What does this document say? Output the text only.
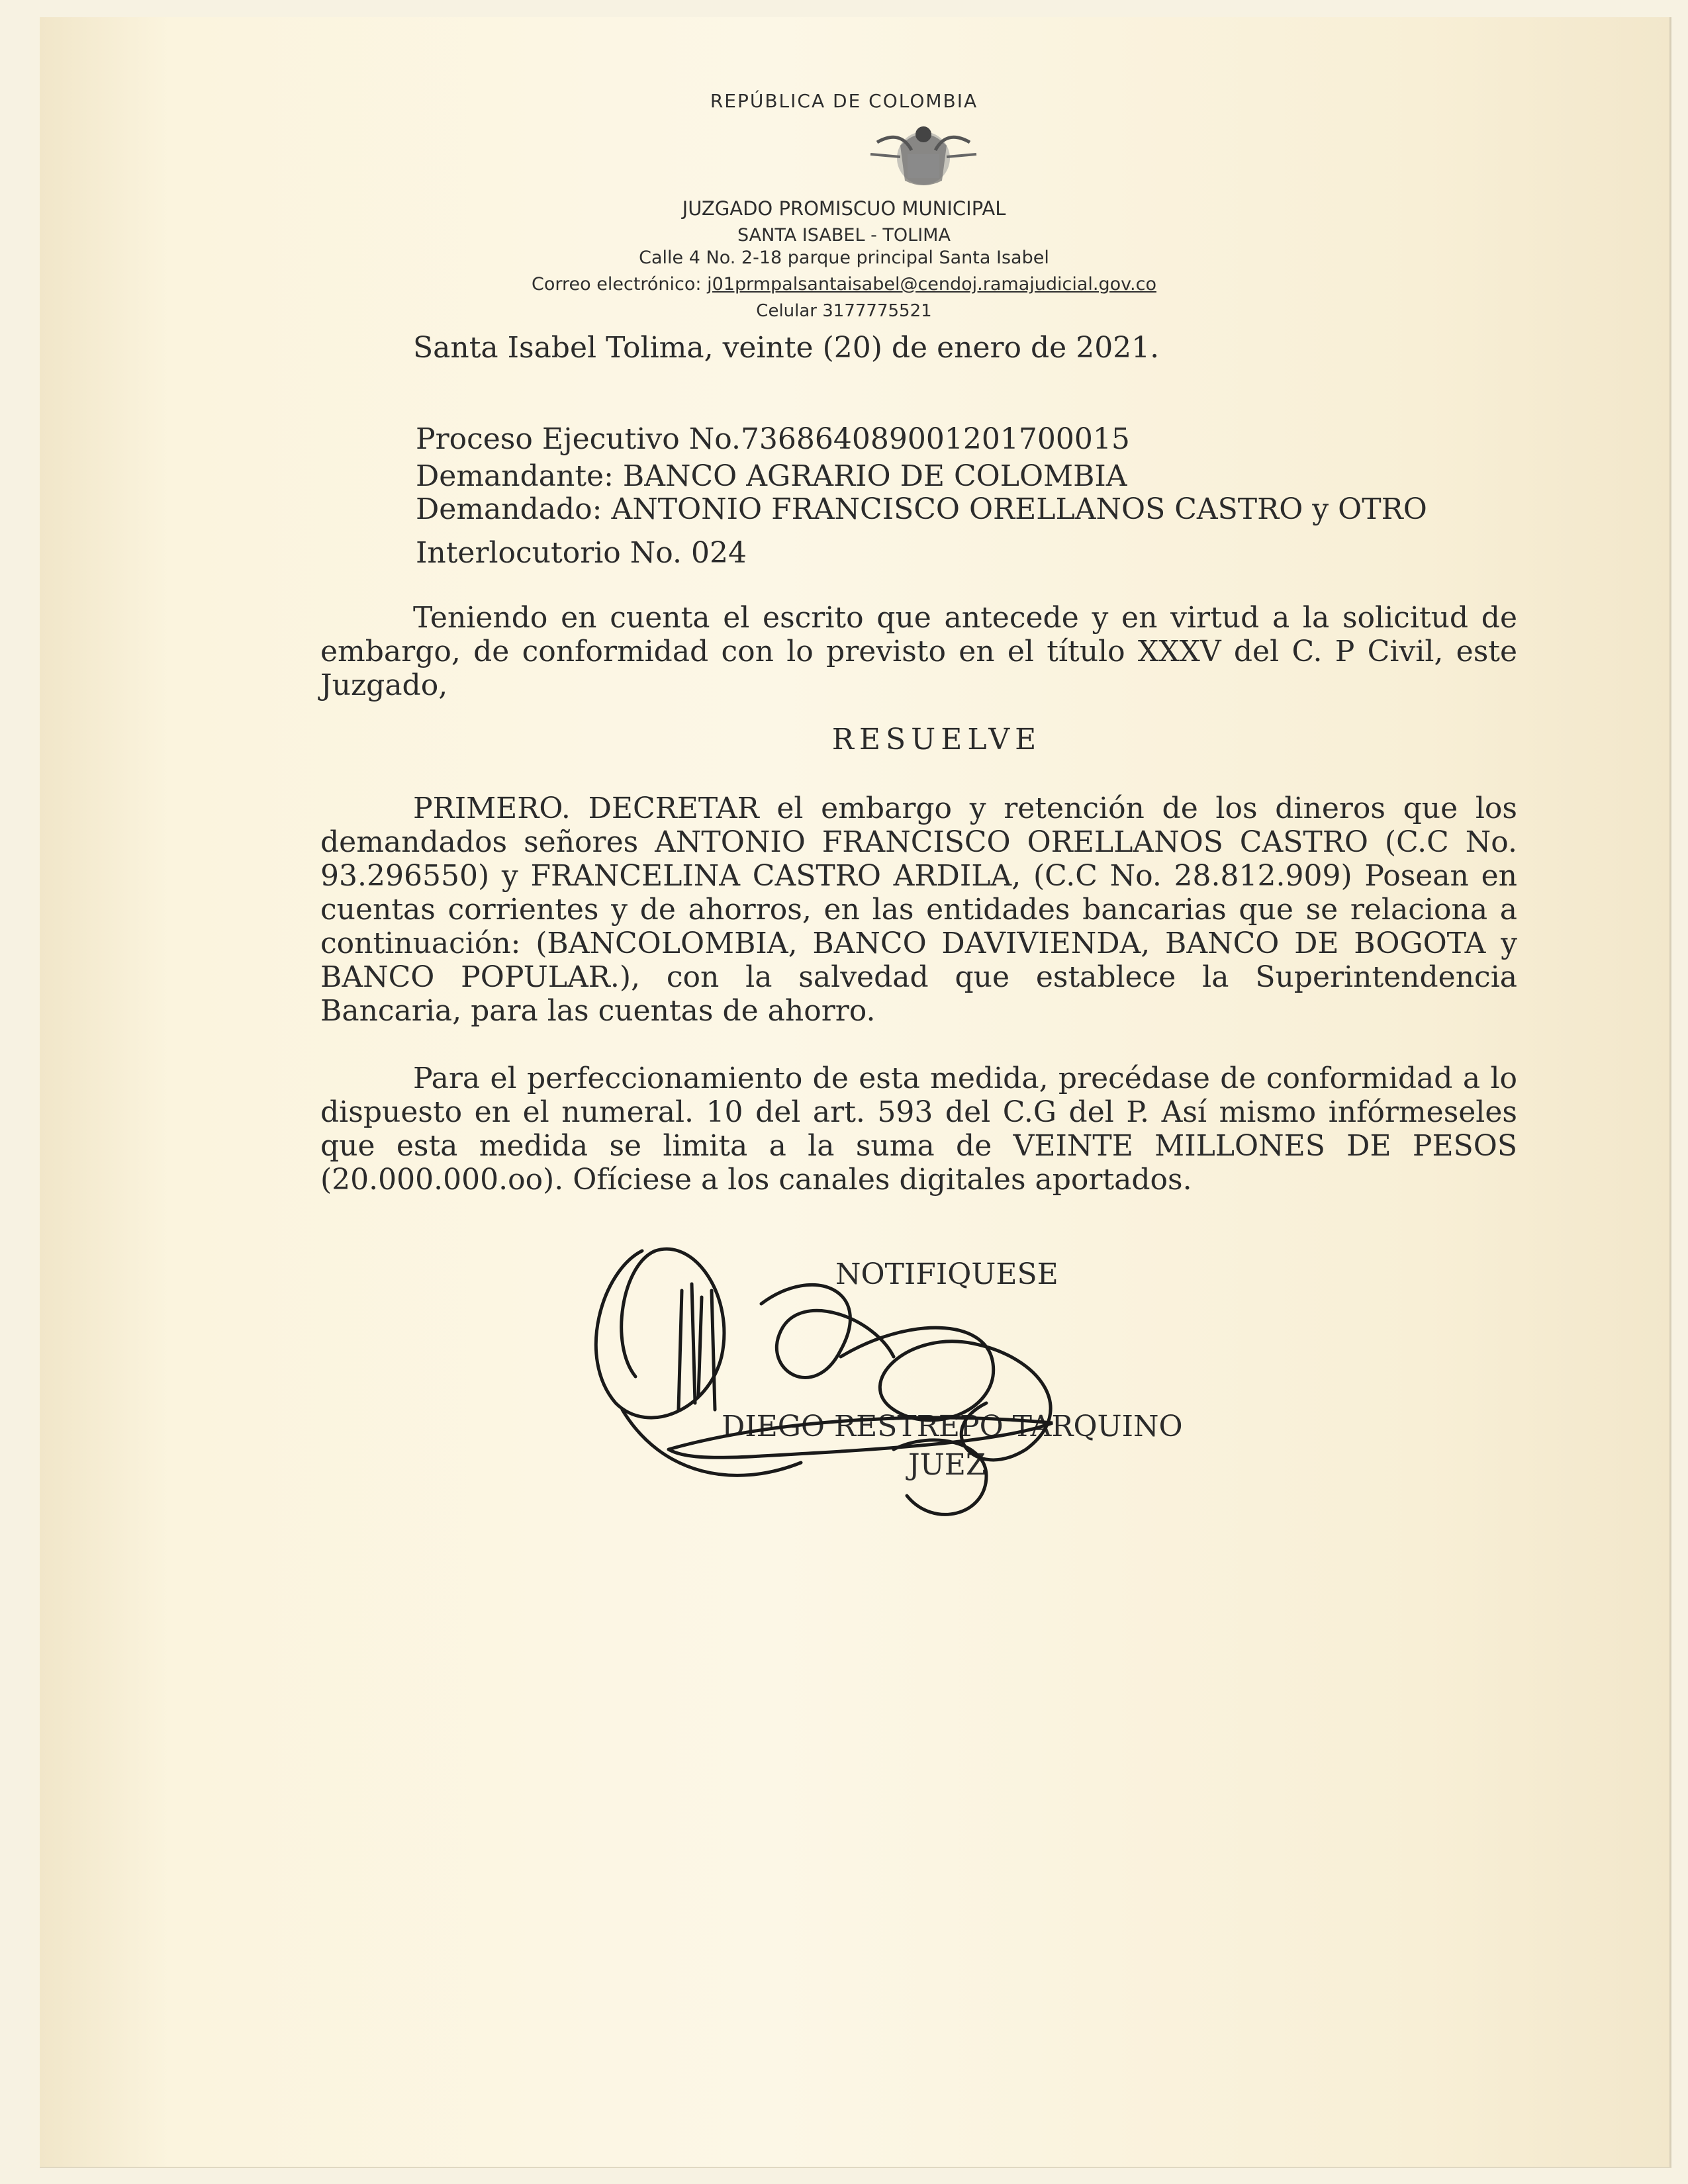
REPÚBLICA DE COLOMBIA
JUZGADO PROMISCUO MUNICIPAL
SANTA ISABEL - TOLIMA
Calle 4 No. 2-18 parque principal Santa Isabel
Correo electrónico: j01prmpalsantaisabel@cendoj.ramajudicial.gov.co
Celular 3177775521
Santa Isabel Tolima, veinte (20) de enero de 2021.
Proceso Ejecutivo No.73686408900120170001‌5
Demandante: BANCO AGRARIO DE COLOMBIA
Demandado: ANTONIO FRANCISCO ORELLANOS CASTRO y OTRO
Interlocutorio No. 024
Teniendo en cuenta el escrito que antecede y en virtud a la solicitud de embargo, de conformidad con lo previsto en el título XXXV del C. P Civil, este Juzgado,
RESUELVE
PRIMERO. DECRETAR el embargo y retención de los dineros que los demandados señores ANTONIO FRANCISCO ORELLANOS CASTRO (C.C No. 93.296550) y FRANCELINA CASTRO ARDILA, (C.C No. 28.812.909) Posean en cuentas corrientes y de ahorros, en las entidades bancarias que se relaciona a continuación: (BANCOLOMBIA, BANCO DAVIVIENDA, BANCO DE BOGOTA y BANCO POPULAR.), con la salvedad que establece la Superintendencia Bancaria, para las cuentas de ahorro.
Para el perfeccionamiento de esta medida, precédase de conformidad a lo dispuesto en el numeral. 10 del art. 593 del C.G del P. Así mismo infórmeseles que esta medida se limita a la suma de VEINTE MILLONES DE PESOS (20.000.000.oo). Ofíciese a los canales digitales aportados.
NOTIFIQUESE
DIEGO RESTREPO TARQUINO
JUEZ
